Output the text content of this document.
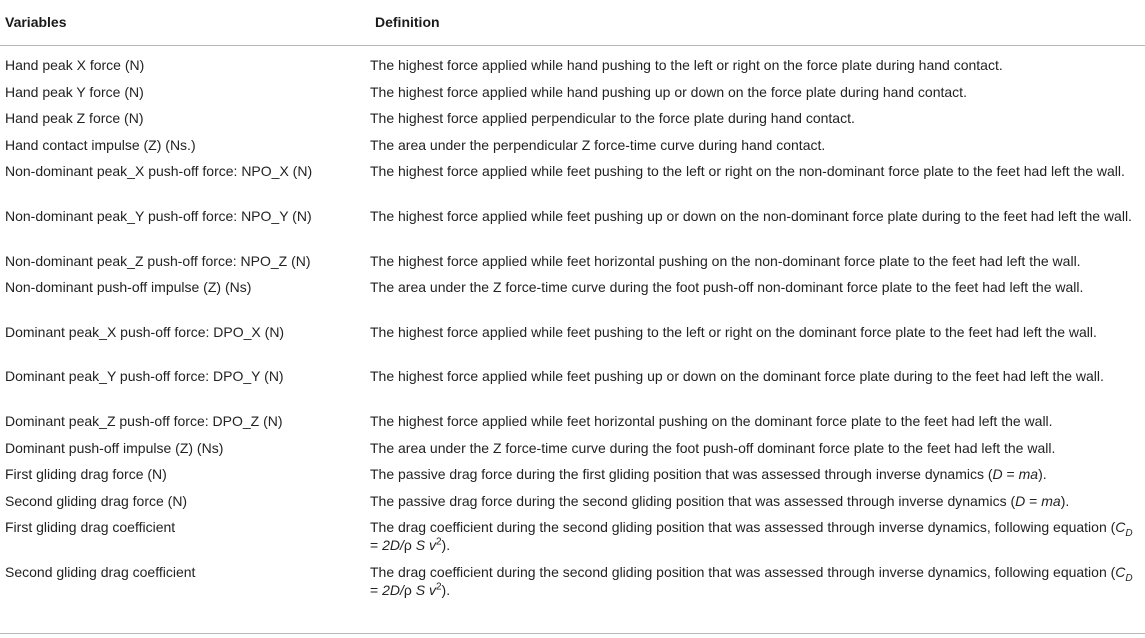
Variables	Definition
Hand peak X force (N)	The highest force applied while hand pushing to the left or right on the force plate during hand contact.
Hand peak Y force (N)	The highest force applied while hand pushing up or down on the force plate during hand contact.
Hand peak Z force (N)	The highest force applied perpendicular to the force plate during hand contact.
Hand contact impulse (Z) (Ns.)	The area under the perpendicular Z force-time curve during hand contact.
Non-dominant peak_X push-off force: NPO_X (N)	The highest force applied while feet pushing to the left or right on the non-dominant force plate to the feet had left the wall.
Non-dominant peak_Y push-off force: NPO_Y (N)	The highest force applied while feet pushing up or down on the non-dominant force plate during to the feet had left the wall.
Non-dominant peak_Z push-off force: NPO_Z (N)	The highest force applied while feet horizontal pushing on the non-dominant force plate to the feet had left the wall.
Non-dominant push-off impulse (Z) (Ns)	The area under the Z force-time curve during the foot push-off non-dominant force plate to the feet had left the wall.
Dominant peak_X push-off force: DPO_X (N)	The highest force applied while feet pushing to the left or right on the dominant force plate to the feet had left the wall.
Dominant peak_Y push-off force: DPO_Y (N)	The highest force applied while feet pushing up or down on the dominant force plate during to the feet had left the wall.
Dominant peak_Z push-off force: DPO_Z (N)	The highest force applied while feet horizontal pushing on the dominant force plate to the feet had left the wall.
Dominant push-off impulse (Z) (Ns)	The area under the Z force-time curve during the foot push-off dominant force plate to the feet had left the wall.
First gliding drag force (N)	The passive drag force during the first gliding position that was assessed through inverse dynamics (D = ma).
Second gliding drag force (N)	The passive drag force during the second gliding position that was assessed through inverse dynamics (D = ma).
First gliding drag coefficient	The drag coefficient during the second gliding position that was assessed through inverse dynamics, following equation ($C_D = 2D/\rho$ S $v^2$).
Second gliding drag coefficient	The drag coefficient during the second gliding position that was assessed through inverse dynamics, following equation ($C_D = 2D/\rho$ S $v^2$).
